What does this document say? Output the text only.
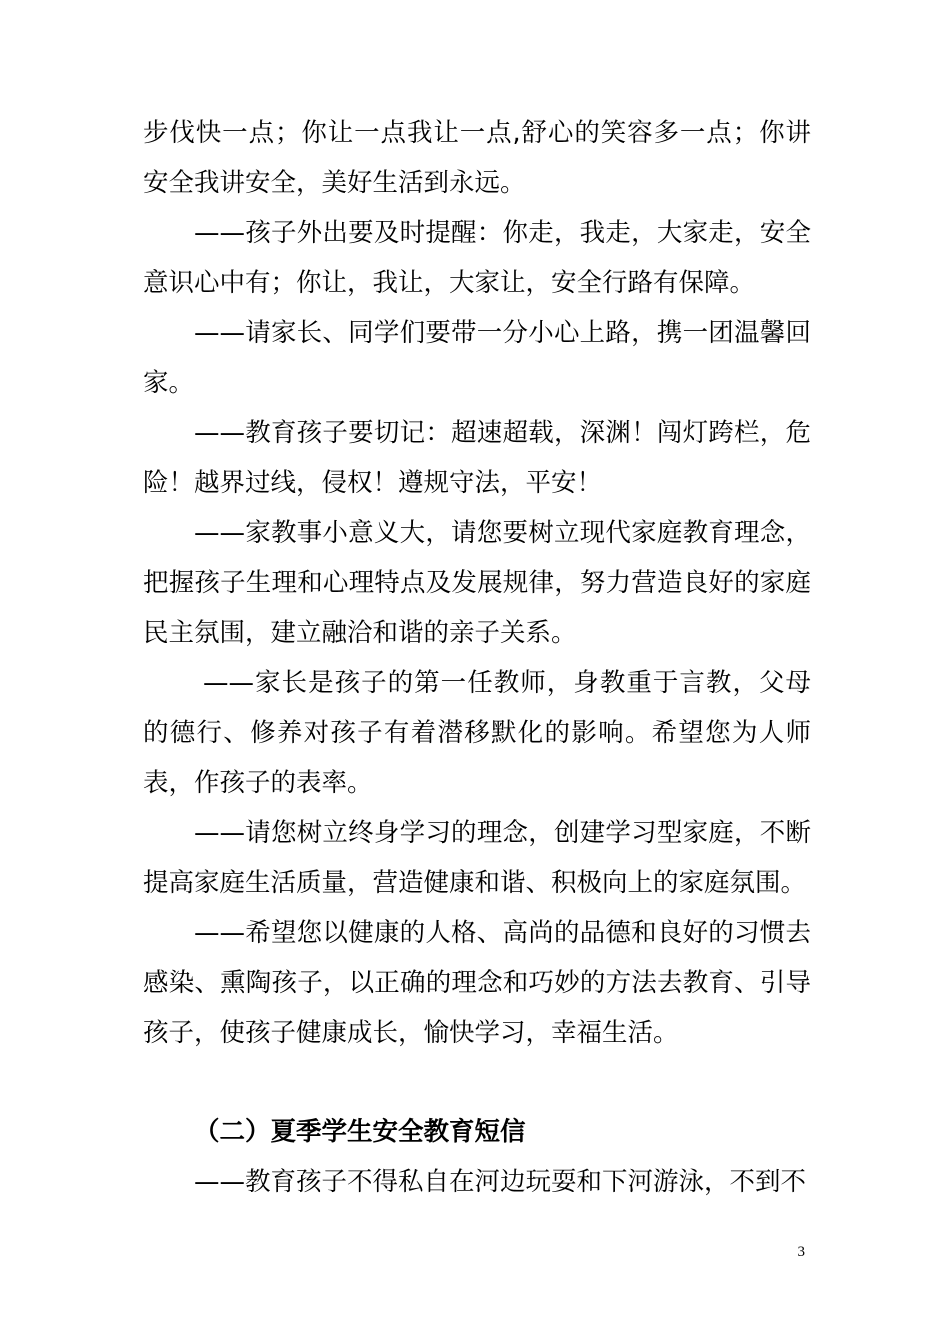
步伐快一点；你让一点我让一点,舒心的笑容多一点；你讲安全我讲安全，美好生活到永远。

——孩子外出要及时提醒：你走，我走，大家走，安全意识心中有；你让，我让，大家让，安全行路有保障。

——请家长、同学们要带一分小心上路，携一团温馨回家。

——教育孩子要切记：超速超载，深渊！闯灯跨栏，危险！越界过线，侵权！遵规守法，平安！

——家教事小意义大，请您要树立现代家庭教育理念，把握孩子生理和心理特点及发展规律，努力营造良好的家庭民主氛围，建立融洽和谐的亲子关系。

——家长是孩子的第一任教师，身教重于言教，父母的德行、修养对孩子有着潜移默化的影响。希望您为人师表，作孩子的表率。

——请您树立终身学习的理念，创建学习型家庭，不断提高家庭生活质量，营造健康和谐、积极向上的家庭氛围。

——希望您以健康的人格、高尚的品德和良好的习惯去感染、熏陶孩子，以正确的理念和巧妙的方法去教育、引导孩子，使孩子健康成长，愉快学习，幸福生活。

（二）夏季学生安全教育短信

——教育孩子不得私自在河边玩耍和下河游泳，不到不

3
